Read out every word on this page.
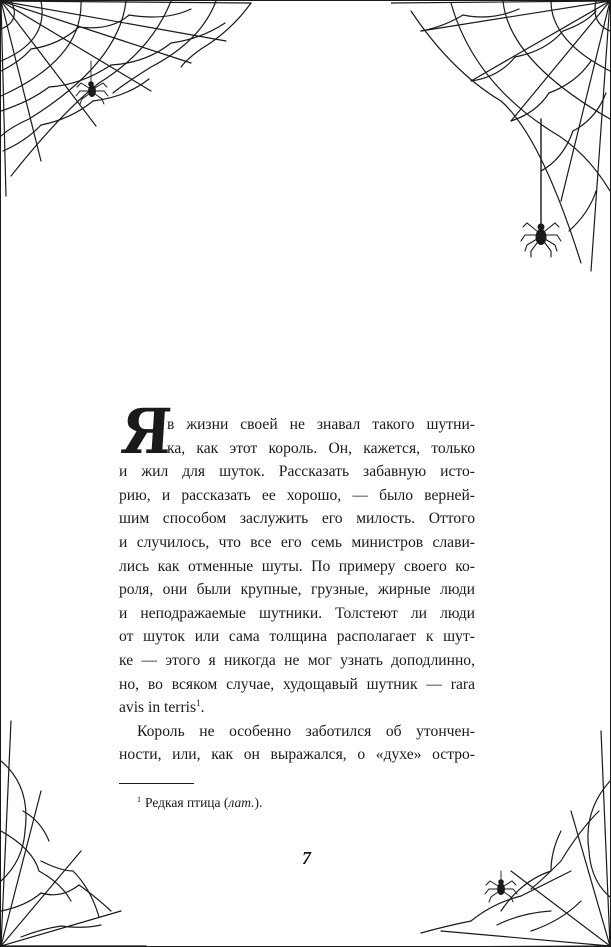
Я
в жизни своей не знавал такого шутни-
ка, как этот король. Он, кажется, только
и жил для шуток. Рассказать забавную исто-
рию, и рассказать ее хорошо, — было верней-
шим способом заслужить его милость. Оттого
и случилось, что все его семь министров слави-
лись как отменные шуты. По примеру своего ко-
роля, они были крупные, грузные, жирные люди
и неподражаемые шутники. Толстеют ли люди
от шуток или сама толщина располагает к шут-
ке — этого я никогда не мог узнать доподлинно,
но, во всяком случае, худощавый шутник — rara
avis in terris$^1$.
Король не особенно заботился об утончен-
ности, или, как он выражался, о «духе» остро-
$^1$ Редкая птица (лат.).
7
